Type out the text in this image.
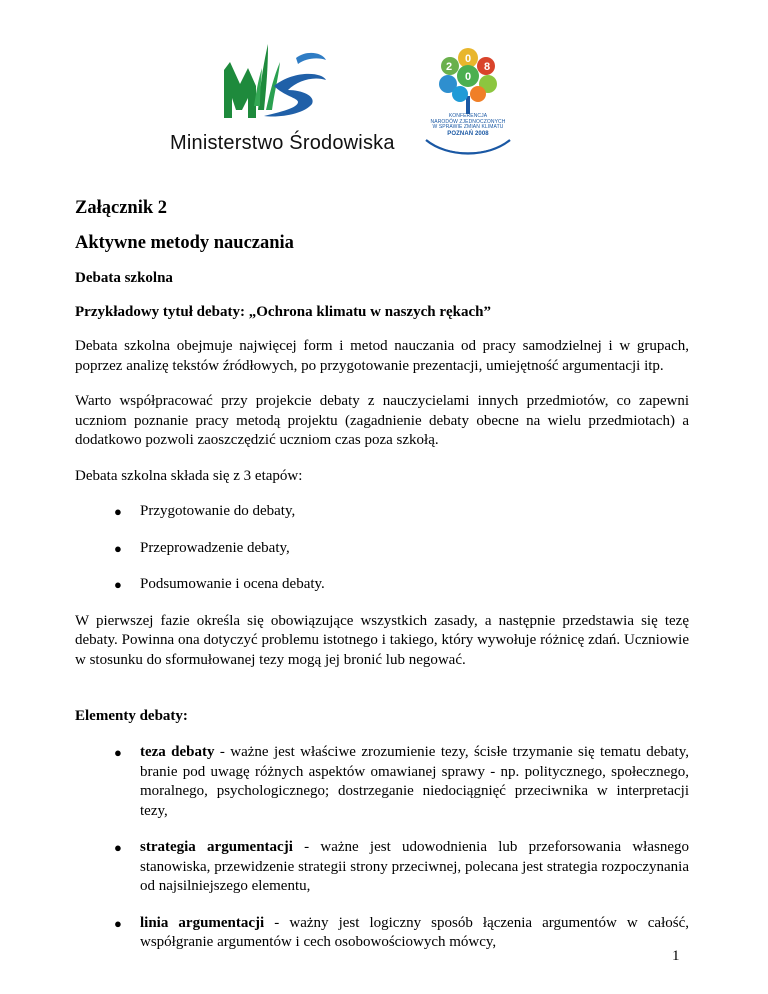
Ministerstwo Środowiska
2
0
0
8
KONFERENCJA
NARODÓW ZJEDNOCZONYCH
W SPRAWIE ZMIAN KLIMATU
POZNAŃ 2008
Załącznik 2
Aktywne metody nauczania
Debata szkolna
Przykładowy tytuł debaty: „Ochrona klimatu w naszych rękach”

Debata szkolna obejmuje najwięcej form i metod nauczania od pracy samodzielnej i w grupach, poprzez analizę tekstów źródłowych, po przygotowanie prezentacji, umiejętność argumentacji itp.

Warto współpracować przy projekcie debaty z nauczycielami innych przedmiotów, co zapewni uczniom poznanie pracy metodą projektu (zagadnienie debaty obecne na wielu przedmiotach) a dodatkowo pozwoli zaoszczędzić uczniom czas poza szkołą.

Debata szkolna składa się z 3 etapów:

● Przygotowanie do debaty,
● Przeprowadzenie debaty,
● Podsumowanie i ocena debaty.

W pierwszej fazie określa się obowiązujące wszystkich zasady, a następnie przedstawia się tezę debaty. Powinna ona dotyczyć problemu istotnego i takiego, który wywołuje różnicę zdań. Uczniowie w stosunku do sformułowanej tezy mogą jej bronić lub negować.

Elementy debaty:
● teza debaty - ważne jest właściwe zrozumienie tezy, ścisłe trzymanie się tematu debaty, branie pod uwagę różnych aspektów omawianej sprawy - np. politycznego, społecznego, moralnego, psychologicznego; dostrzeganie niedociągnięć przeciwnika w interpretacji tezy,
● strategia argumentacji - ważne jest udowodnienia lub przeforsowania własnego stanowiska, przewidzenie strategii strony przeciwnej, polecana jest strategia rozpoczynania od najsilniejszego elementu,
● linia argumentacji - ważny jest logiczny sposób łączenia argumentów w całość, współgranie argumentów i cech osobowościowych mówcy,
1
